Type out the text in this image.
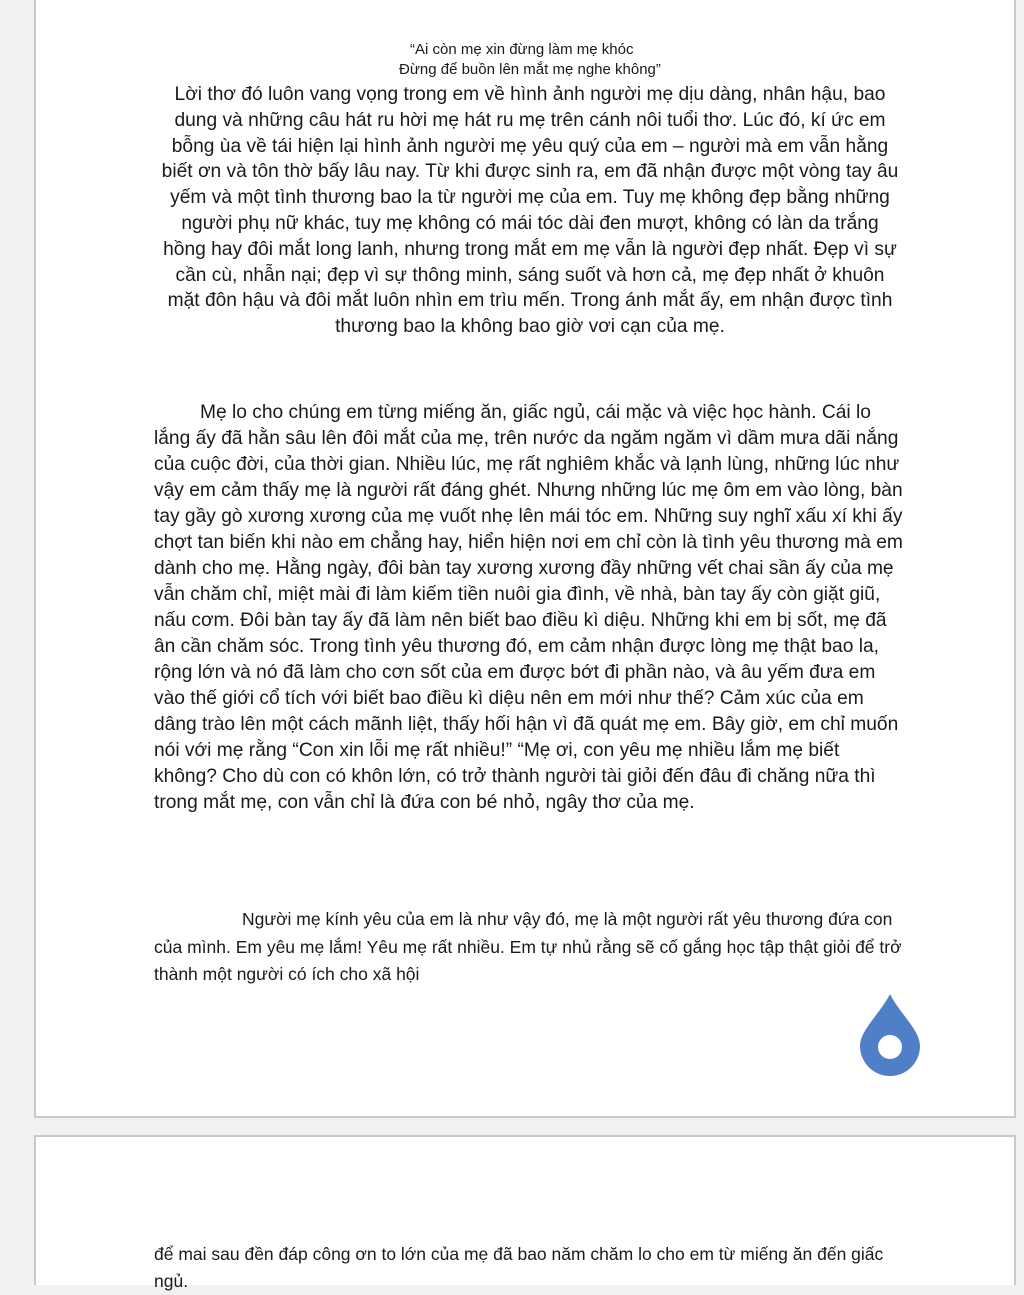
“Ai còn mẹ xin đừng làm mẹ khóc
Đừng để buồn lên mắt mẹ nghe không”

Lời thơ đó luôn vang vọng trong em về hình ảnh người mẹ dịu dàng, nhân hậu, bao dung và những câu hát ru hời mẹ hát ru mẹ trên cánh nôi tuổi thơ. Lúc đó, kí ức em bỗng ùa về tái hiện lại hình ảnh người mẹ yêu quý của em – người mà em vẫn hằng biết ơn và tôn thờ bấy lâu nay. Từ khi được sinh ra, em đã nhận được một vòng tay âu yếm và một tình thương bao la từ người mẹ của em. Tuy mẹ không đẹp bằng những người phụ nữ khác, tuy mẹ không có mái tóc dài đen mượt, không có làn da trắng hồng hay đôi mắt long lanh, nhưng trong mắt em mẹ vẫn là người đẹp nhất. Đẹp vì sự cần cù, nhẫn nại; đẹp vì sự thông minh, sáng suốt và hơn cả, mẹ đẹp nhất ở khuôn mặt đôn hậu và đôi mắt luôn nhìn em trìu mến. Trong ánh mắt ấy, em nhận được tình thương bao la không bao giờ vơi cạn của mẹ.

Mẹ lo cho chúng em từng miếng ăn, giấc ngủ, cái mặc và việc học hành. Cái lo lắng ấy đã hằn sâu lên đôi mắt của mẹ, trên nước da ngăm ngăm vì dầm mưa dãi nắng của cuộc đời, của thời gian. Nhiều lúc, mẹ rất nghiêm khắc và lạnh lùng, những lúc như vậy em cảm thấy mẹ là người rất đáng ghét. Nhưng những lúc mẹ ôm em vào lòng, bàn tay gầy gò xương xương của mẹ vuốt nhẹ lên mái tóc em. Những suy nghĩ xấu xí khi ấy chợt tan biến khi nào em chẳng hay, hiển hiện nơi em chỉ còn là tình yêu thương mà em dành cho mẹ. Hằng ngày, đôi bàn tay xương xương đầy những vết chai sần ấy của mẹ vẫn chăm chỉ, miệt mài đi làm kiếm tiền nuôi gia đình, về nhà, bàn tay ấy còn giặt giũ, nấu cơm. Đôi bàn tay ấy đã làm nên biết bao điều kì diệu. Những khi em bị sốt, mẹ đã ân cần chăm sóc. Trong tình yêu thương đó, em cảm nhận được lòng mẹ thật bao la, rộng lớn và nó đã làm cho cơn sốt của em được bớt đi phần nào, và âu yếm đưa em vào thế giới cổ tích với biết bao điều kì diệu nên em mới như thế? Cảm xúc của em dâng trào lên một cách mãnh liệt, thấy hối hận vì đã quát mẹ em. Bây giờ, em chỉ muốn nói với mẹ rằng “Con xin lỗi mẹ rất nhiều!” “Mẹ ơi, con yêu mẹ nhiều lắm mẹ biết không? Cho dù con có khôn lớn, có trở thành người tài giỏi đến đâu đi chăng nữa thì trong mắt mẹ, con vẫn chỉ là đứa con bé nhỏ, ngây thơ của mẹ.

Người mẹ kính yêu của em là như vậy đó, mẹ là một người rất yêu thương đứa con của mình. Em yêu mẹ lắm! Yêu mẹ rất nhiều. Em tự nhủ rằng sẽ cố gắng học tập thật giỏi để trở thành một người có ích cho xã hội

để mai sau đền đáp công ơn to lớn của mẹ đã bao năm chăm lo cho em từ miếng ăn đến giấc ngủ.
